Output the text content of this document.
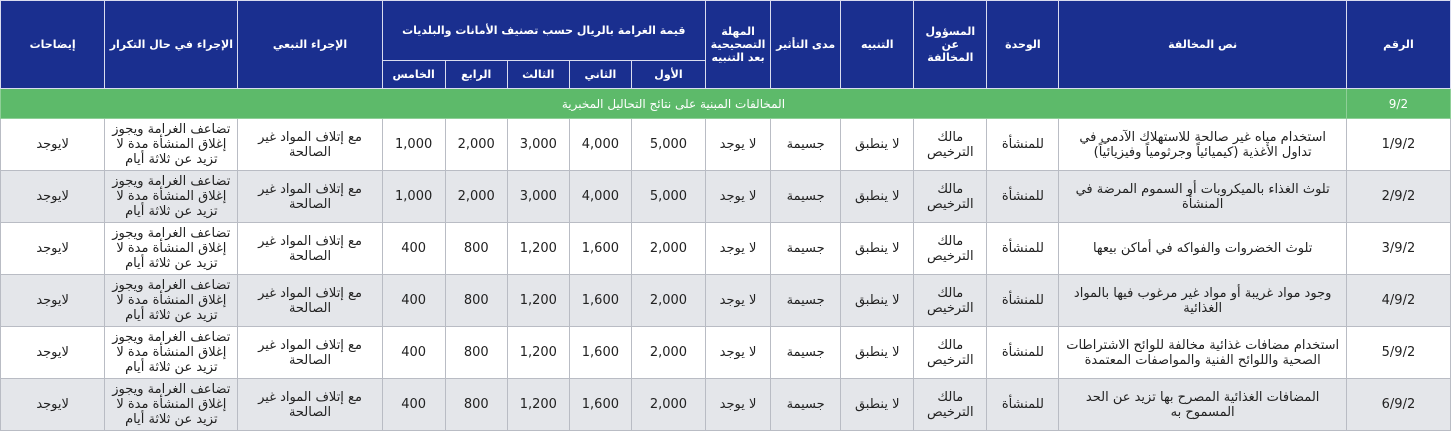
الرقم	نص المخالفة	الوحدة	المسؤول عن المخالفة	التنبيه	مدى التأثير	المهلة التصحيحية بعد التنبيه	قيمة الغرامة بالريال حسب تصنيف الأمانات والبلديات					الإجراء التبعي	الإجراء في حال التكرار	إيضاحات
							الأول	الثاني	الثالث	الرابع	الخامس			
9/2	المخالفات المبنية على نتائج التحاليل المخبرية													
1/9/2	استخدام مياه غير صالحة للاستهلاك الآدمي في تداول الأغذية (كيميائياً وجرثومياً وفيزيائياً)	للمنشأة	مالك الترخيص	لا ينطبق	جسيمة	لا يوجد	5,000	4,000	3,000	2,000	1,000	مع إتلاف المواد غير الصالحة	تضاعف الغرامة ويجوز إغلاق المنشأة مدة لا تزيد عن ثلاثة أيام	لايوجد
2/9/2	تلوث الغذاء بالميكروبات أو السموم المرضة في المنشأة	للمنشأة	مالك الترخيص	لا ينطبق	جسيمة	لا يوجد	5,000	4,000	3,000	2,000	1,000	مع إتلاف المواد غير الصالحة	تضاعف الغرامة ويجوز إغلاق المنشأة مدة لا تزيد عن ثلاثة أيام	لايوجد
3/9/2	تلوث الخضروات والفواكه في أماكن بيعها	للمنشأة	مالك الترخيص	لا ينطبق	جسيمة	لا يوجد	2,000	1,600	1,200	800	400	مع إتلاف المواد غير الصالحة	تضاعف الغرامة ويجوز إغلاق المنشأة مدة لا تزيد عن ثلاثة أيام	لايوجد
4/9/2	وجود مواد غريبة أو مواد غير مرغوب فيها بالمواد الغذائية	للمنشأة	مالك الترخيص	لا ينطبق	جسيمة	لا يوجد	2,000	1,600	1,200	800	400	مع إتلاف المواد غير الصالحة	تضاعف الغرامة ويجوز إغلاق المنشأة مدة لا تزيد عن ثلاثة أيام	لايوجد
5/9/2	استخدام مضافات غذائية مخالفة للوائح الاشتراطات الصحية واللوائح الفنية والمواصفات المعتمدة	للمنشأة	مالك الترخيص	لا ينطبق	جسيمة	لا يوجد	2,000	1,600	1,200	800	400	مع إتلاف المواد غير الصالحة	تضاعف الغرامة ويجوز إغلاق المنشأة مدة لا تزيد عن ثلاثة أيام	لايوجد
6/9/2	المضافات الغذائية المصرح بها تزيد عن الحد المسموح به	للمنشأة	مالك الترخيص	لا ينطبق	جسيمة	لا يوجد	2,000	1,600	1,200	800	400	مع إتلاف المواد غير الصالحة	تضاعف الغرامة ويجوز إغلاق المنشأة مدة لا تزيد عن ثلاثة أيام	لايوجد
